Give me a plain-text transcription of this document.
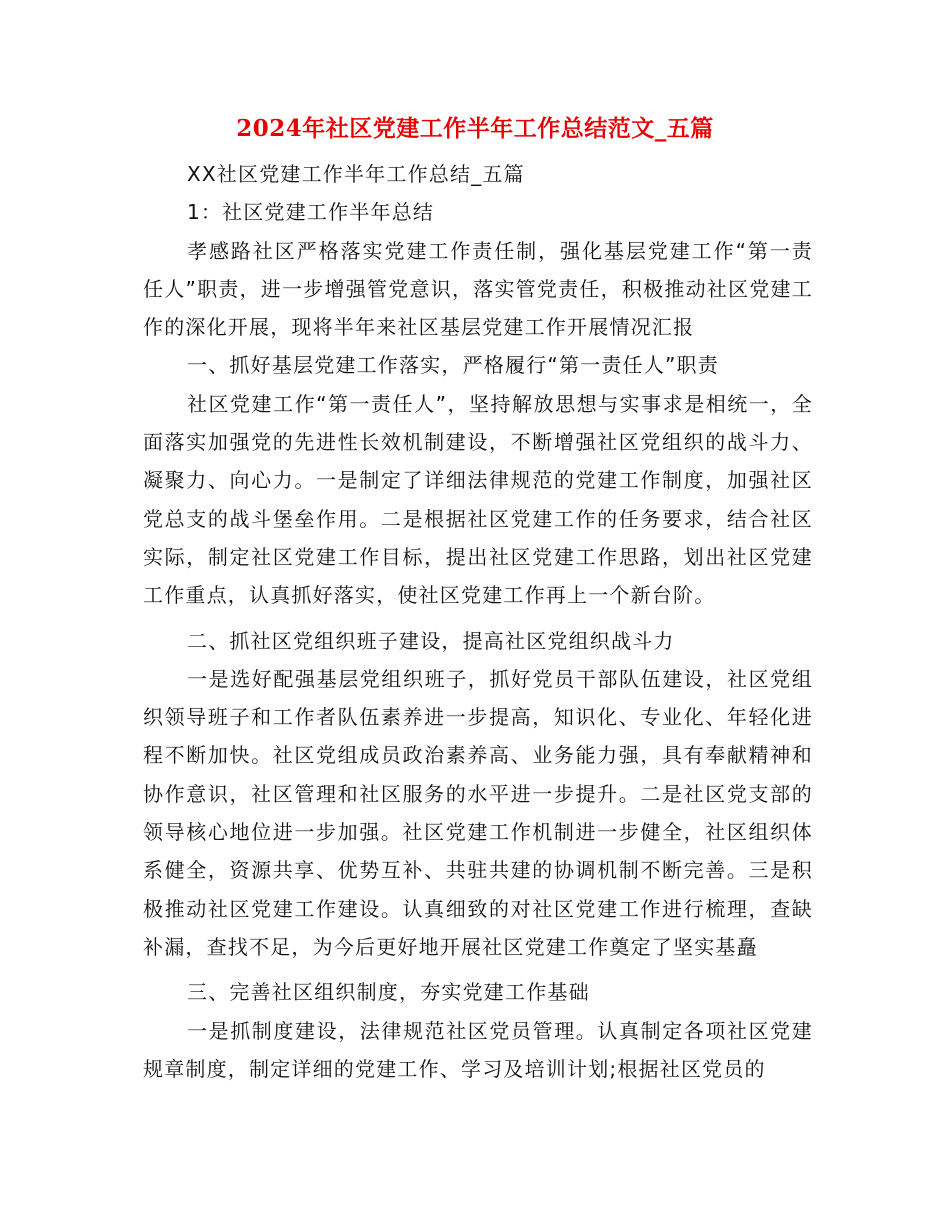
2024年社区党建工作半年工作总结范文_五篇

XX社区党建工作半年工作总结_五篇

1：社区党建工作半年总结

孝感路社区严格落实党建工作责任制，强化基层党建工作“第一责任人”职责，进一步增强管党意识，落实管党责任，积极推动社区党建工作的深化开展，现将半年来社区基层党建工作开展情况汇报

一、抓好基层党建工作落实，严格履行“第一责任人”职责

社区党建工作“第一责任人”，坚持解放思想与实事求是相统一，全面落实加强党的先进性长效机制建设，不断增强社区党组织的战斗力、凝聚力、向心力。一是制定了详细法律规范的党建工作制度，加强社区党总支的战斗堡垒作用。二是根据社区党建工作的任务要求，结合社区实际，制定社区党建工作目标，提出社区党建工作思路，划出社区党建工作重点，认真抓好落实，使社区党建工作再上一个新台阶。

二、抓社区党组织班子建设，提高社区党组织战斗力

一是选好配强基层党组织班子，抓好党员干部队伍建设，社区党组织领导班子和工作者队伍素养进一步提高，知识化、专业化、年轻化进程不断加快。社区党组成员政治素养高、业务能力强，具有奉献精神和协作意识，社区管理和社区服务的水平进一步提升。二是社区党支部的领导核心地位进一步加强。社区党建工作机制进一步健全，社区组织体系健全，资源共享、优势互补、共驻共建的协调机制不断完善。三是积极推动社区党建工作建设。认真细致的对社区党建工作进行梳理，查缺补漏，查找不足，为今后更好地开展社区党建工作奠定了坚实基矗

三、完善社区组织制度，夯实党建工作基础

一是抓制度建设，法律规范社区党员管理。认真制定各项社区党建规章制度，制定详细的党建工作、学习及培训计划;根据社区党员的
